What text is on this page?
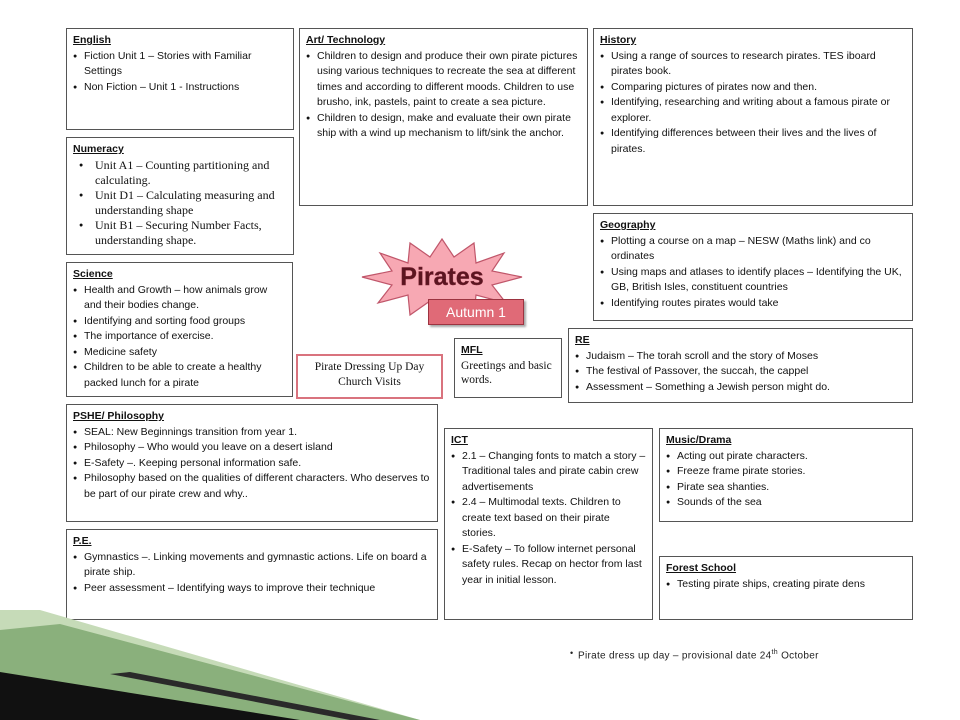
English
● Fiction Unit 1 – Stories with Familiar Settings
● Non Fiction – Unit 1 - Instructions
Art/ Technology
● Children to design and produce their own pirate pictures using various techniques to recreate the sea at different times and according to different moods. Children to use brusho, ink, pastels, paint to create a sea picture.
● Children to design, make and evaluate their own pirate ship with a wind up mechanism to lift/sink the anchor.
History
● Using a range of sources to research pirates. TES iboard pirates book.
● Comparing pictures of pirates now and then.
● Identifying, researching and writing about a famous pirate or explorer.
● Identifying differences between their lives and the lives of pirates.
Numeracy
● Unit A1 – Counting partitioning and calculating.
● Unit D1 – Calculating measuring and understanding shape
● Unit B1 – Securing Number Facts, understanding shape.
Geography
● Plotting a course on a map – NESW (Maths link) and co ordinates
● Using maps and atlases to identify places – Identifying the UK, GB, British Isles, constituent countries
● Identifying routes pirates would take
Science
● Health and Growth – how animals grow and their bodies change.
● Identifying and sorting food groups
● The importance of exercise.
● Medicine safety
● Children to be able to create a healthy packed lunch for a pirate
Pirates
Autumn 1
Pirate Dressing Up Day
Church Visits
MFL
Greetings and basic words.
RE
● Judaism – The torah scroll and the story of Moses
● The festival of Passover, the succah, the cappel
● Assessment – Something a Jewish person might do.
PSHE/ Philosophy
● SEAL: New Beginnings transition from year 1.
● Philosophy – Who would you leave on a desert island
● E-Safety –. Keeping personal information safe.
● Philosophy based on the qualities of different characters. Who deserves to be part of our pirate crew and why..
ICT
● 2.1 – Changing fonts to match a story – Traditional tales and pirate cabin crew advertisements
● 2.4 – Multimodal texts. Children to create text based on their pirate stories.
● E-Safety – To follow internet personal safety rules. Recap on hector from last year in initial lesson.
Music/Drama
● Acting out pirate characters.
● Freeze frame pirate stories.
● Pirate sea shanties.
● Sounds of the sea
P.E.
● Gymnastics –. Linking movements and gymnastic actions. Life on board a pirate ship.
● Peer assessment – Identifying ways to improve their technique
Forest School
● Testing pirate ships, creating pirate dens
• Pirate dress up day – provisional date 24th October
